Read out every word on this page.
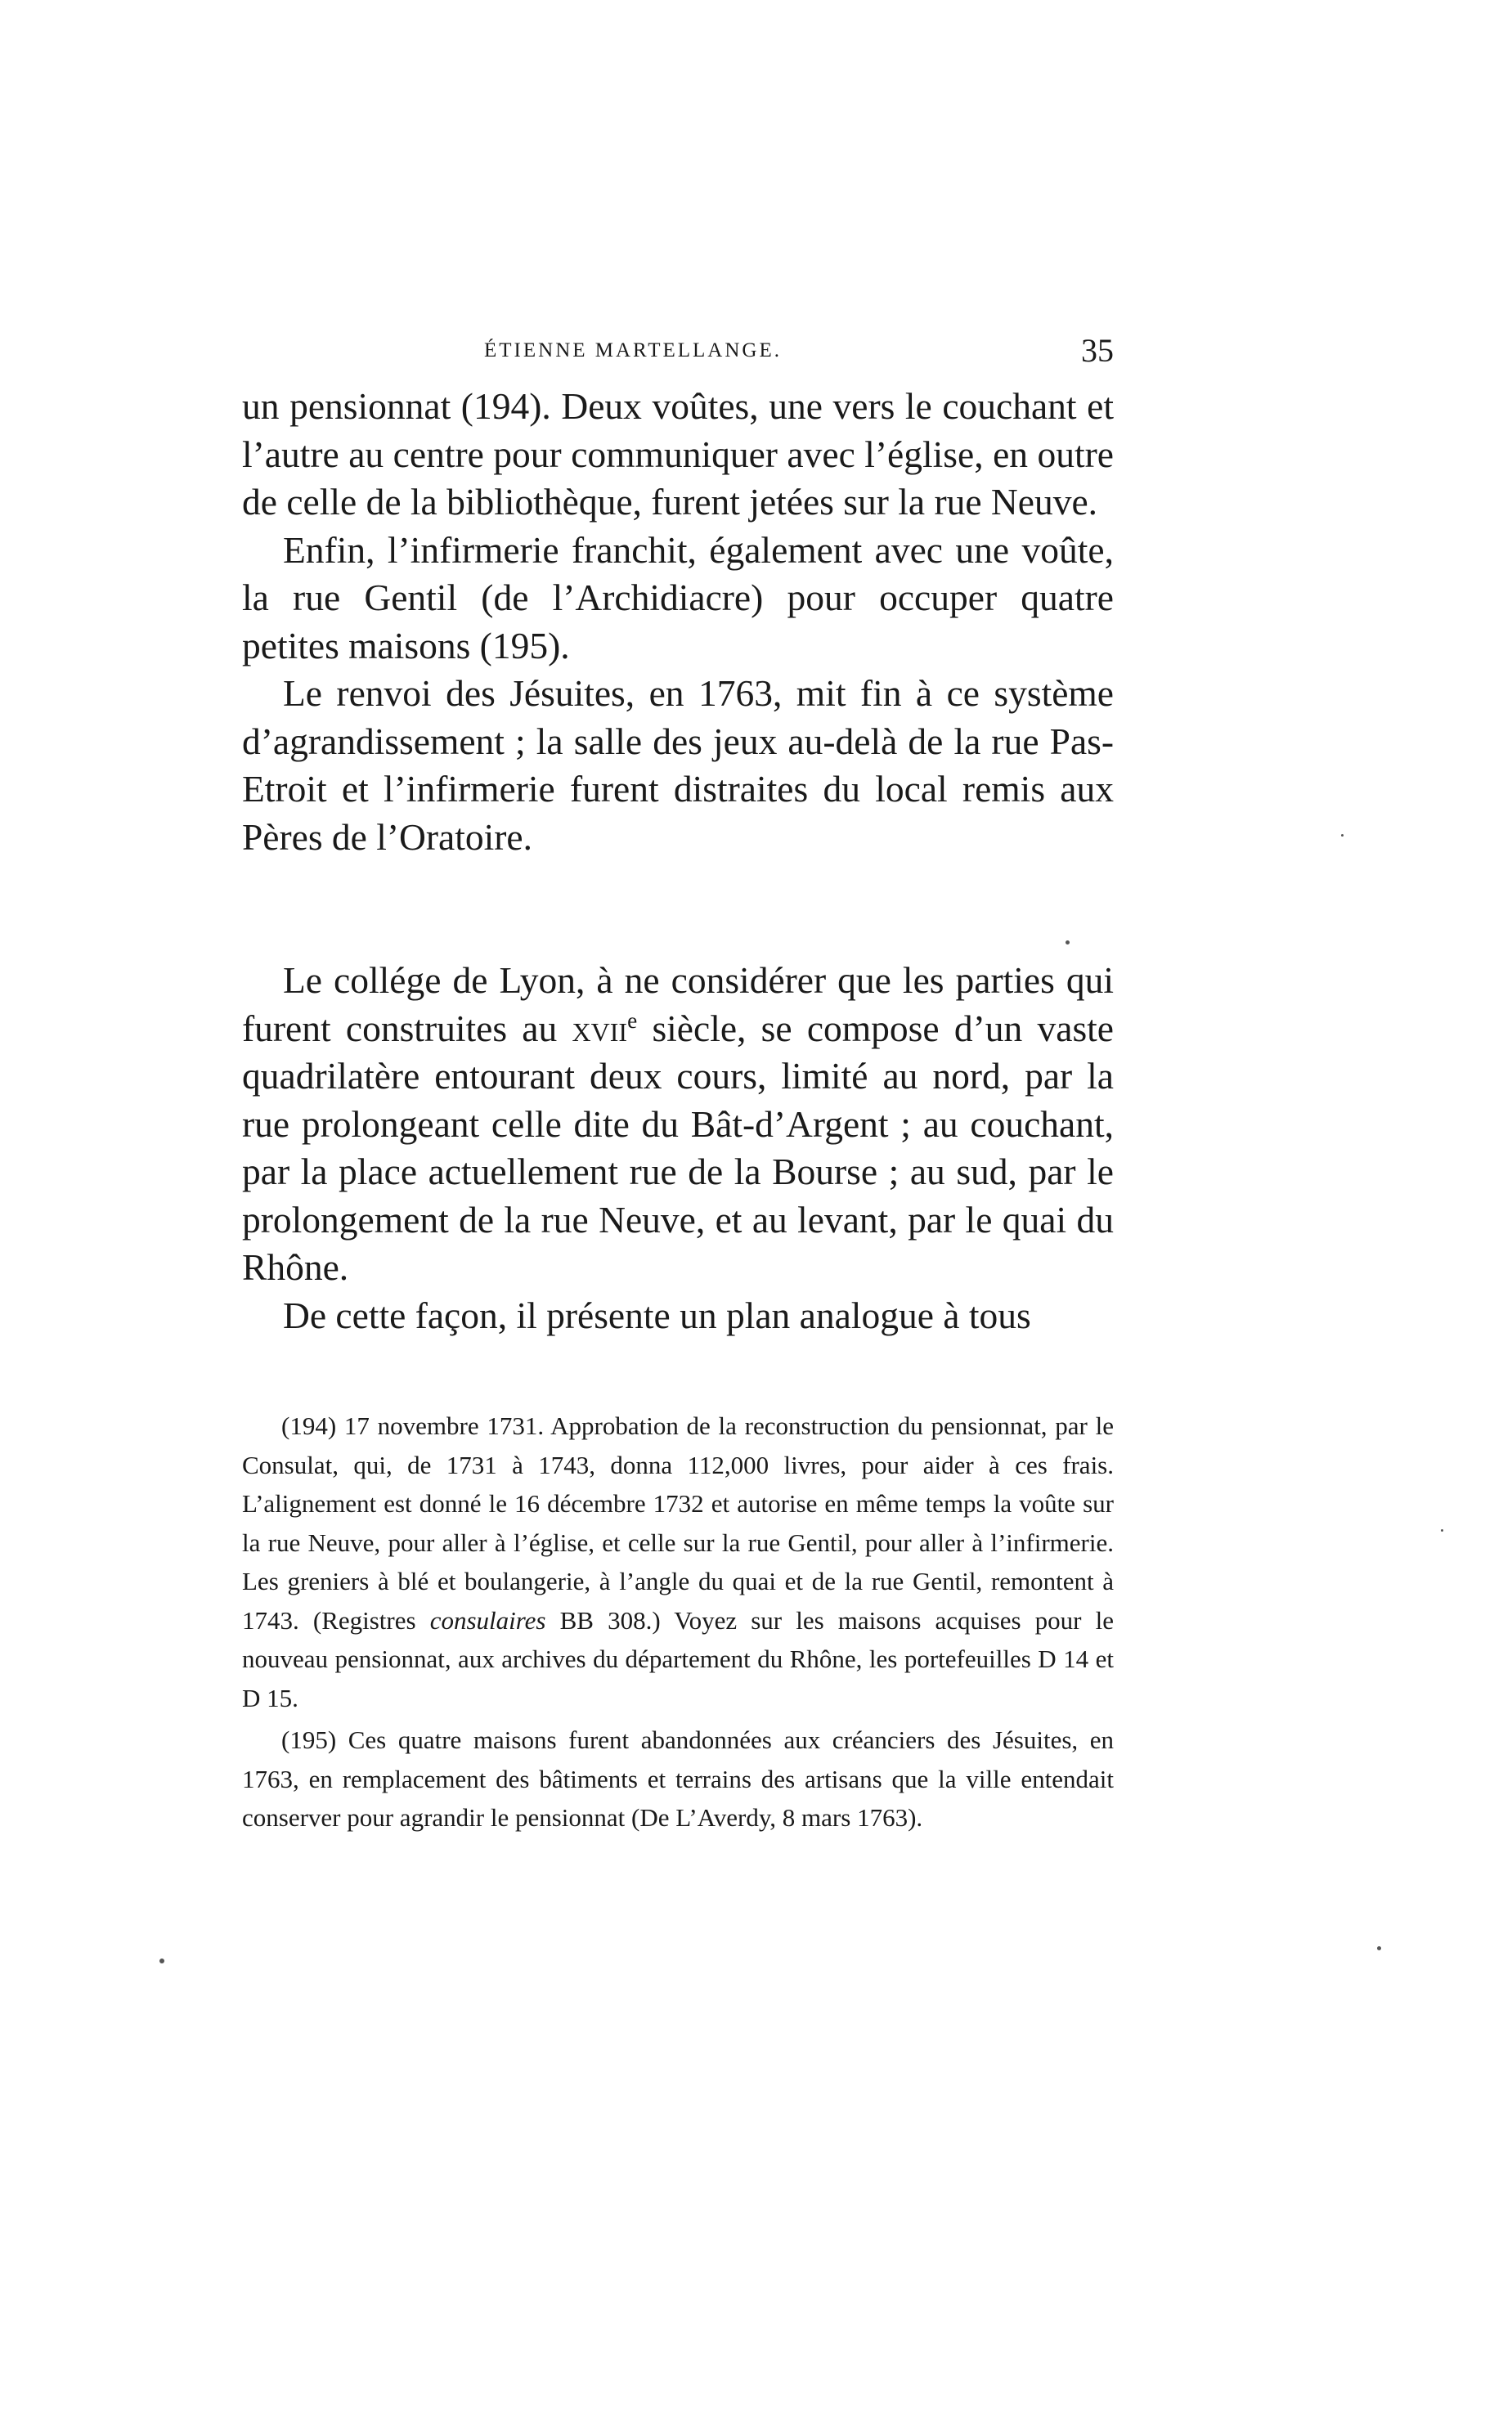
ÉTIENNE MARTELLANGE.	35

un pensionnat (194). Deux voûtes, une vers le couchant et l’autre au centre pour communiquer avec l’église, en outre de celle de la bibliothèque, furent jetées sur la rue Neuve.

Enfin, l’infirmerie franchit, également avec une voûte, la rue Gentil (de l’Archidiacre) pour occuper quatre petites maisons (195).

Le renvoi des Jésuites, en 1763, mit fin à ce système d’agrandissement ; la salle des jeux au-delà de la rue Pas-Etroit et l’infirmerie furent distraites du local remis aux Pères de l’Oratoire.

Le collége de Lyon, à ne considérer que les parties qui furent construites au xvii$^e$ siècle, se compose d’un vaste quadrilatère entourant deux cours, limité au nord, par la rue prolongeant celle dite du Bât-d’Argent ; au couchant, par la place actuellement rue de la Bourse ; au sud, par le prolongement de la rue Neuve, et au levant, par le quai du Rhône.

De cette façon, il présente un plan analogue à tous

(194) 17 novembre 1731. Approbation de la reconstruction du pensionnat, par le Consulat, qui, de 1731 à 1743, donna 112,000 livres, pour aider à ces frais. L’alignement est donné le 16 décembre 1732 et autorise en même temps la voûte sur la rue Neuve, pour aller à l’église, et celle sur la rue Gentil, pour aller à l’infirmerie. Les greniers à blé et boulangerie, à l’angle du quai et de la rue Gentil, remontent à 1743. (Registres consulaires BB 308.) Voyez sur les maisons acquises pour le nouveau pensionnat, aux archives du département du Rhône, les portefeuilles D 14 et D 15.

(195) Ces quatre maisons furent abandonnées aux créanciers des Jésuites, en 1763, en remplacement des bâtiments et terrains des artisans que la ville entendait conserver pour agrandir le pensionnat (De L’Averdy, 8 mars 1763).
